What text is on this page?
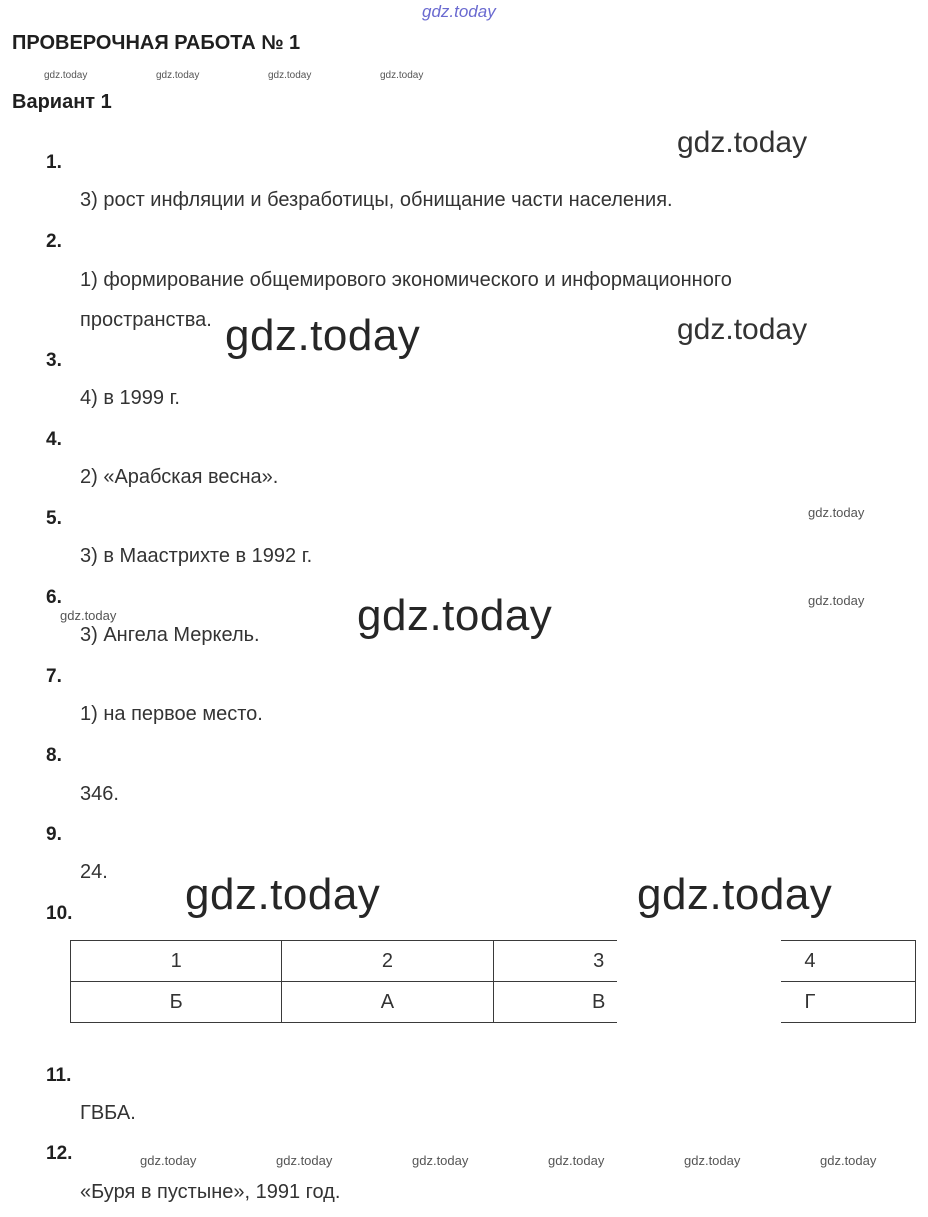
gdz.today
ПРОВЕРОЧНАЯ РАБОТА № 1
gdz.today	gdz.today	gdz.today	gdz.today
Вариант 1
1.
3) рост инфляции и безработицы, обнищание части населения.
2.
1) формирование общемирового экономического и информационного
пространства.
3.
4) в 1999 г.
4.
2) «Арабская весна».
5.
3) в Маастрихте в 1992 г.
6.
3) Ангела Меркель.
7.
1) на первое место.
8.
346.
9.
24.
10.
1	2	3	4
Б	А	В	Г
11.
ГВБА.
12.
«Буря в пустыне», 1991 год.
gdz.today
gdz.today	gdz.today
gdz.today
gdz.today
gdz.today	gdz.today
gdz.today	gdz.today
gdz.today	gdz.today	gdz.today	gdz.today	gdz.today	gdz.today
